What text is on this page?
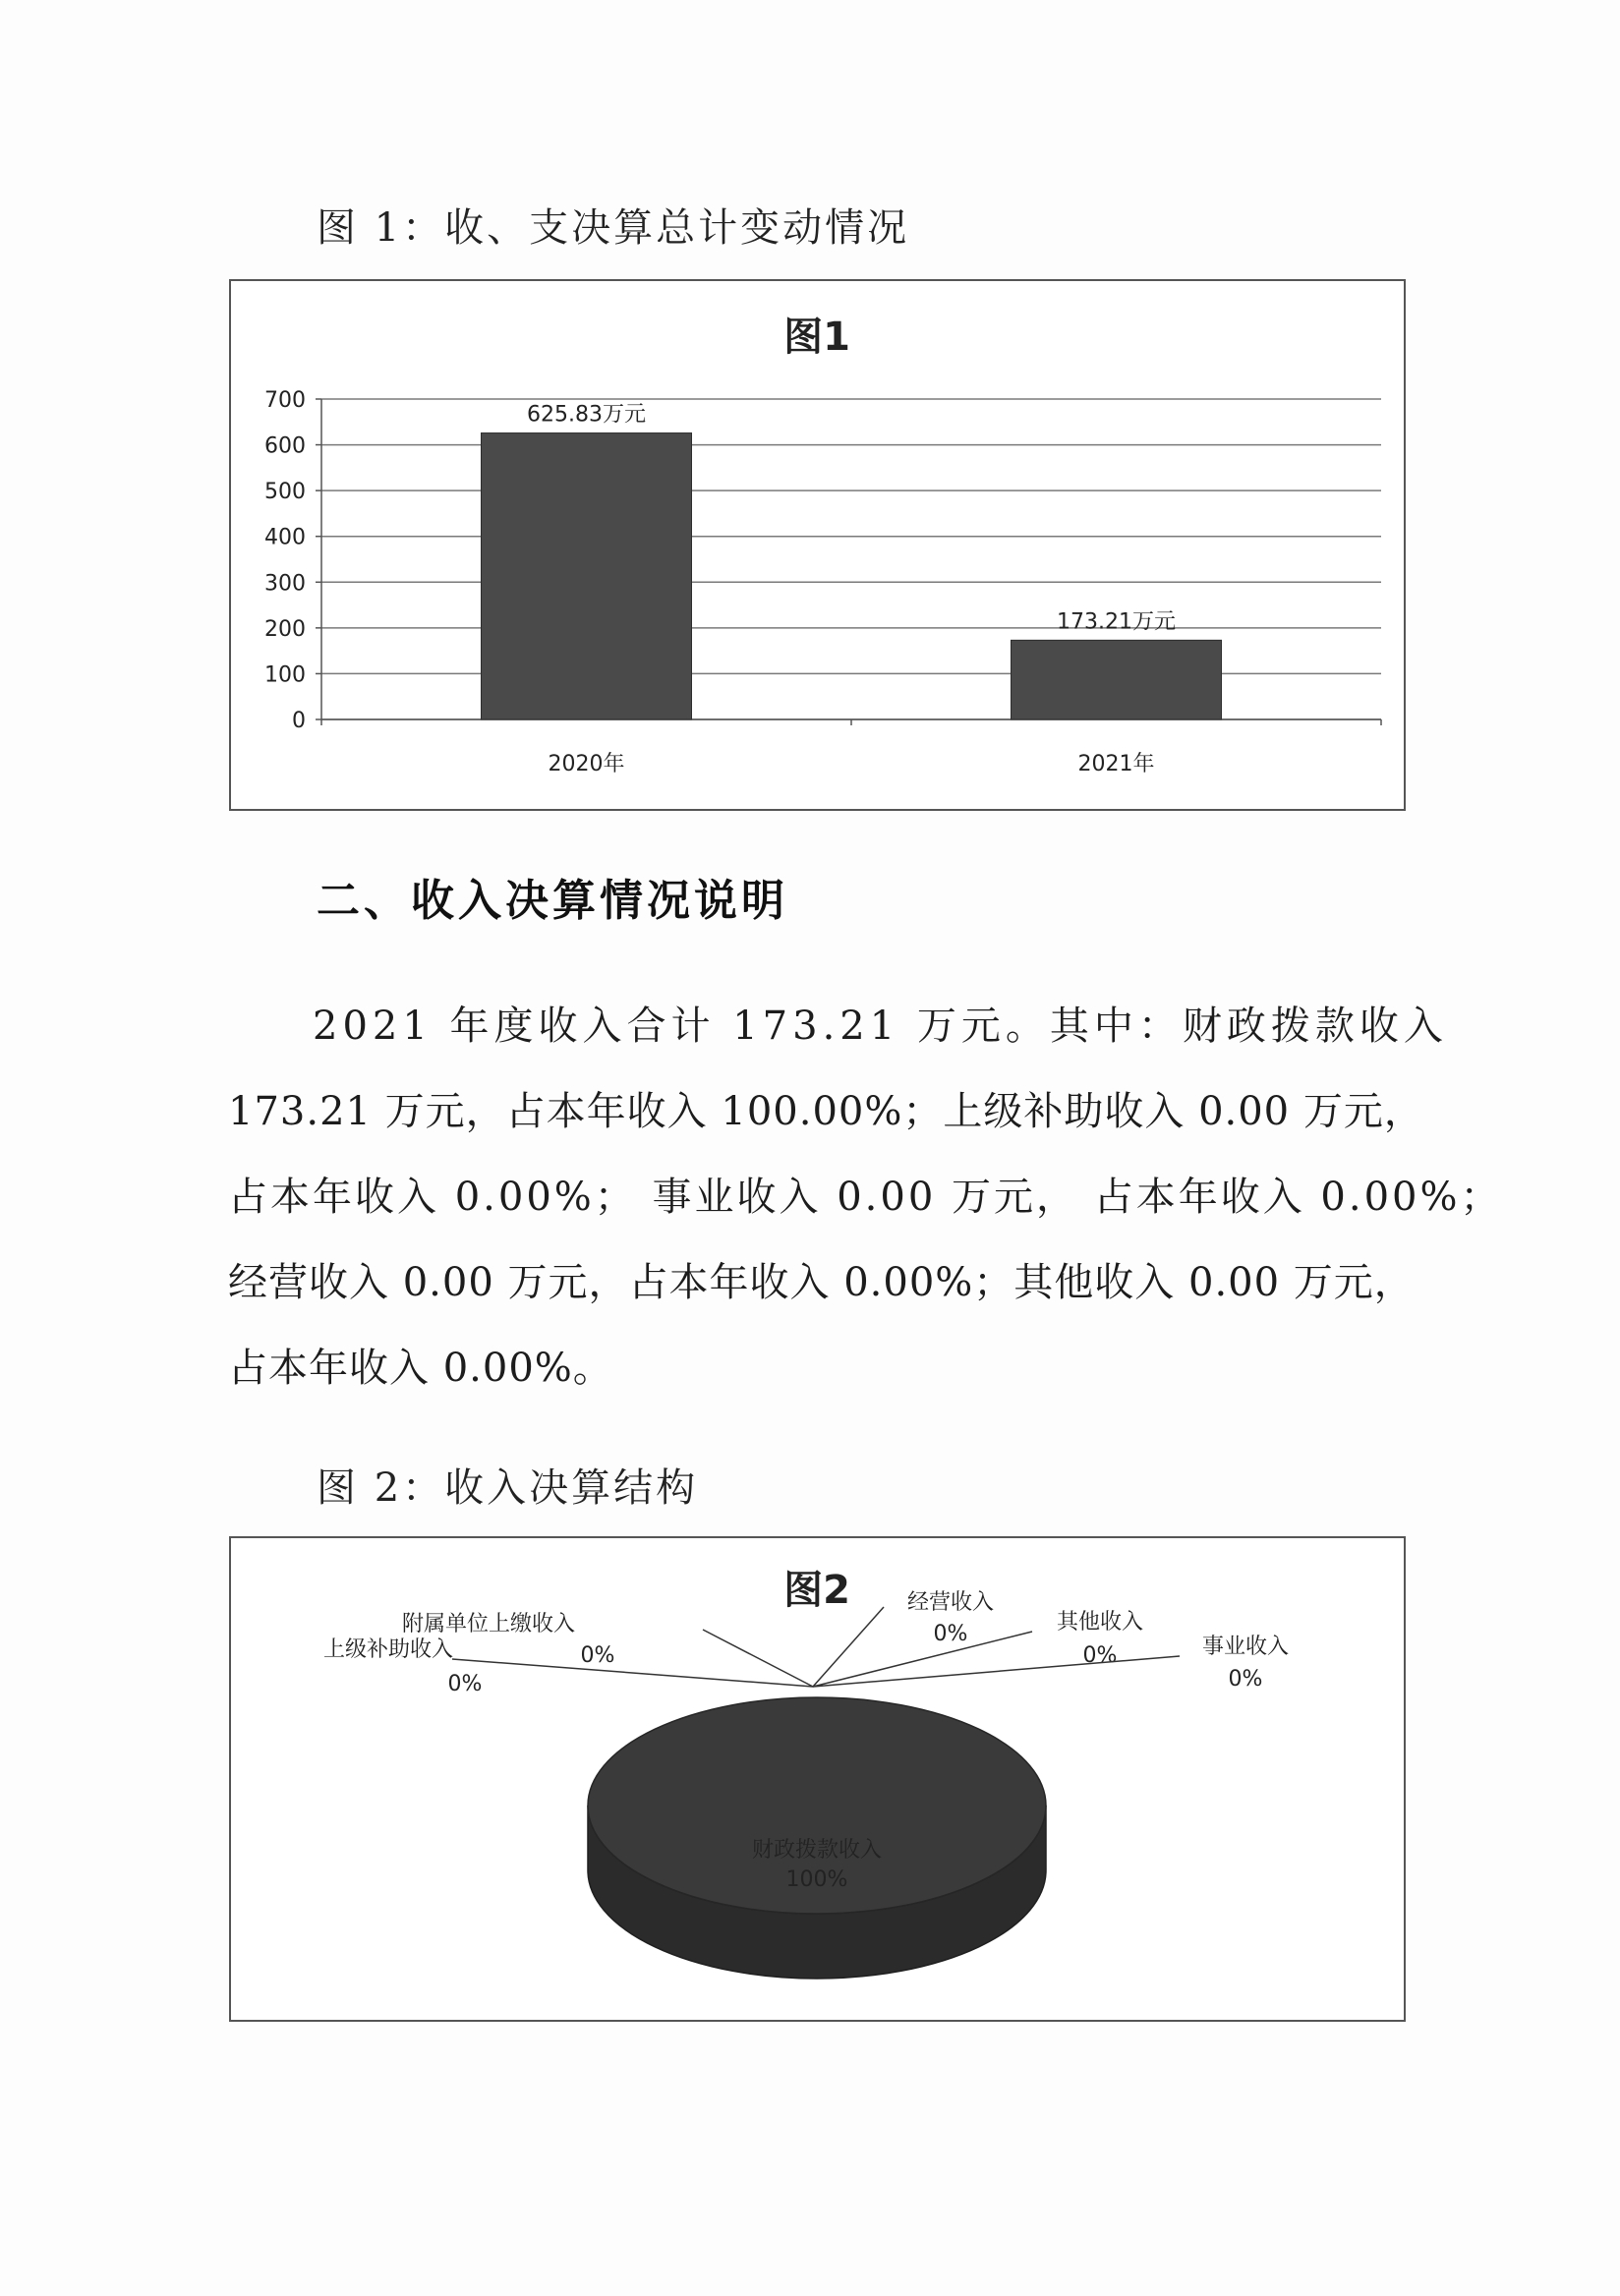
图 1：收、支决算总计变动情况
图1
0
100
200
300
400
500
600
700
625.83万元
2020年
173.21万元
2021年
二、收入决算情况说明
2021 年度收入合计 173.21 万元。其中：财政拨款收入
173.21 万元，占本年收入 100.00%；上级补助收入 0.00 万元，
占本年收入 0.00%； 事业收入 0.00 万元， 占本年收入 0.00%；
经营收入 0.00 万元，占本年收入 0.00%；其他收入 0.00 万元，
占本年收入 0.00%。
图 2：收入决算结构
图2
财政拨款收入
100%
上级补助收入
0%
附属单位上缴收入
0%
经营收入
0%	其他收入
0%	事业收入
0%
